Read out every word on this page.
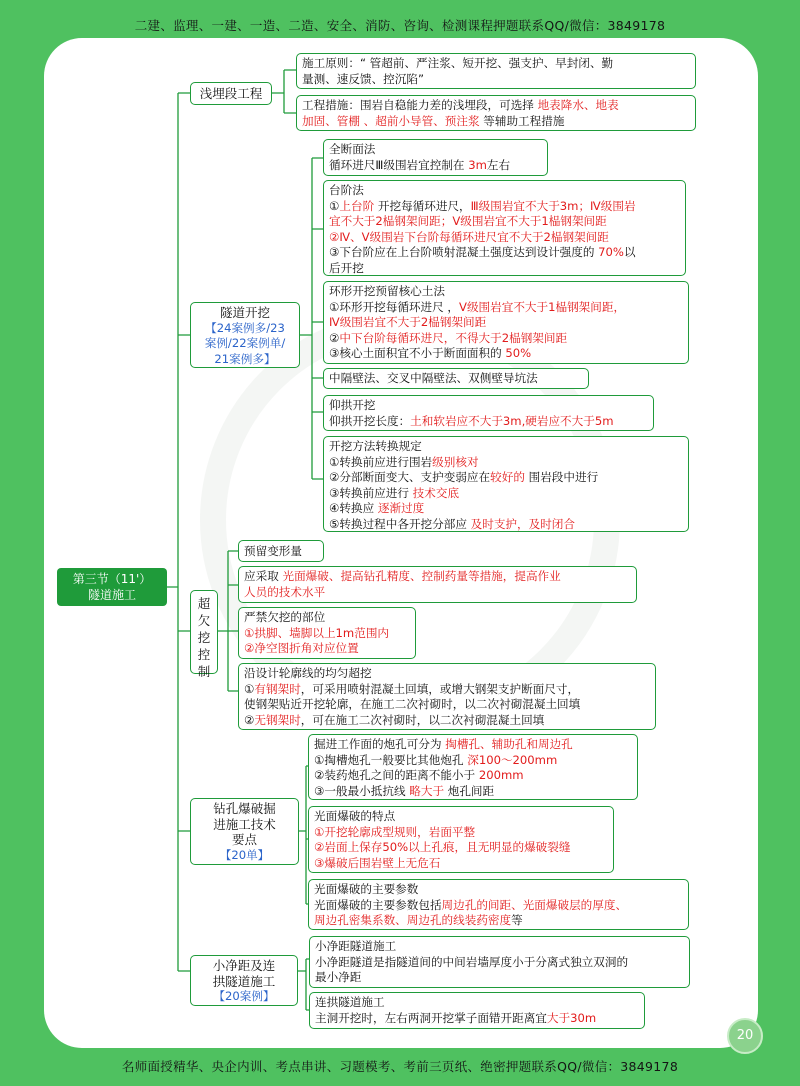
二建、监理、一建、一造、二造、安全、消防、咨询、检测课程押题联系QQ/微信：3849178
第三节（11'）
隧道施工
浅埋段工程
施工原则：“ 管超前、严注浆、短开挖、强支护、早封闭、勤
量测、速反馈、控沉陷”
工程措施：围岩自稳能力差的浅埋段，可选择 地表降水、地表
加固、管棚 、超前小导管、预注浆 等辅助工程措施
隧道开挖
【24案例多/23
案例/22案例单/
21案例多】
全断面法
循环进尺Ⅲ级围岩宜控制在 3m左右
台阶法
①上台阶 开挖每循环进尺，Ⅲ级围岩宜不大于3m；Ⅳ级围岩
宜不大于2榀钢架间距；Ⅴ级围岩宜不大于1榀钢架间距
②Ⅳ、Ⅴ级围岩下台阶每循环进尺宜不大于2榀钢架间距
③下台阶应在上台阶喷射混凝土强度达到设计强度的 70%以
后开挖
环形开挖预留核心土法
①环形开挖每循环进尺 ，Ⅴ级围岩宜不大于1榀钢架间距，
Ⅳ级围岩宜不大于2榀钢架间距
②中下台阶每循环进尺，不得大于2榀钢架间距
③核心土面积宜不小于断面面积的 50%
中隔壁法、交叉中隔壁法、双侧壁导坑法
仰拱开挖
仰拱开挖长度：土和软岩应不大于3m,硬岩应不大于5m
开挖方法转换规定
①转换前应进行围岩级别核对
②分部断面变大、支护变弱应在较好的 围岩段中进行
③转换前应进行 技术交底
④转换应 逐渐过度
⑤转换过程中各开挖分部应 及时支护，及时闭合
超欠挖控制
预留变形量
应采取 光面爆破、提高钻孔精度、控制药量等措施，提高作业
人员的技术水平
严禁欠挖的部位
①拱脚、墙脚以上1m范围内
②净空图折角对应位置
沿设计轮廓线的均匀超挖
①有钢架时，可采用喷射混凝土回填，或增大钢架支护断面尺寸，
使钢架贴近开挖轮廓，在施工二次衬砌时，以二次衬砌混凝土回填
②无钢架时，可在施工二次衬砌时，以二次衬砌混凝土回填
钻孔爆破掘
进施工技术
要点
【20单】
掘进工作面的炮孔可分为 掏槽孔、辅助孔和周边孔
①掏槽炮孔一般要比其他炮孔 深100～200mm
②装药炮孔之间的距离不能小于 200mm
③一般最小抵抗线 略大于 炮孔间距
光面爆破的特点
①开挖轮廓成型规则，岩面平整
②岩面上保存50%以上孔痕，且无明显的爆破裂缝
③爆破后围岩壁上无危石
光面爆破的主要参数
光面爆破的主要参数包括周边孔的间距、光面爆破层的厚度、
周边孔密集系数、周边孔的线装药密度等
小净距及连
拱隧道施工
【20案例】
小净距隧道施工
小净距隧道是指隧道间的中间岩墙厚度小于分离式独立双洞的
最小净距
连拱隧道施工
主洞开挖时，左右两洞开挖掌子面错开距离宜大于30m
20
名师面授精华、央企内训、考点串讲、习题模考、考前三页纸、绝密押题联系QQ/微信：3849178
